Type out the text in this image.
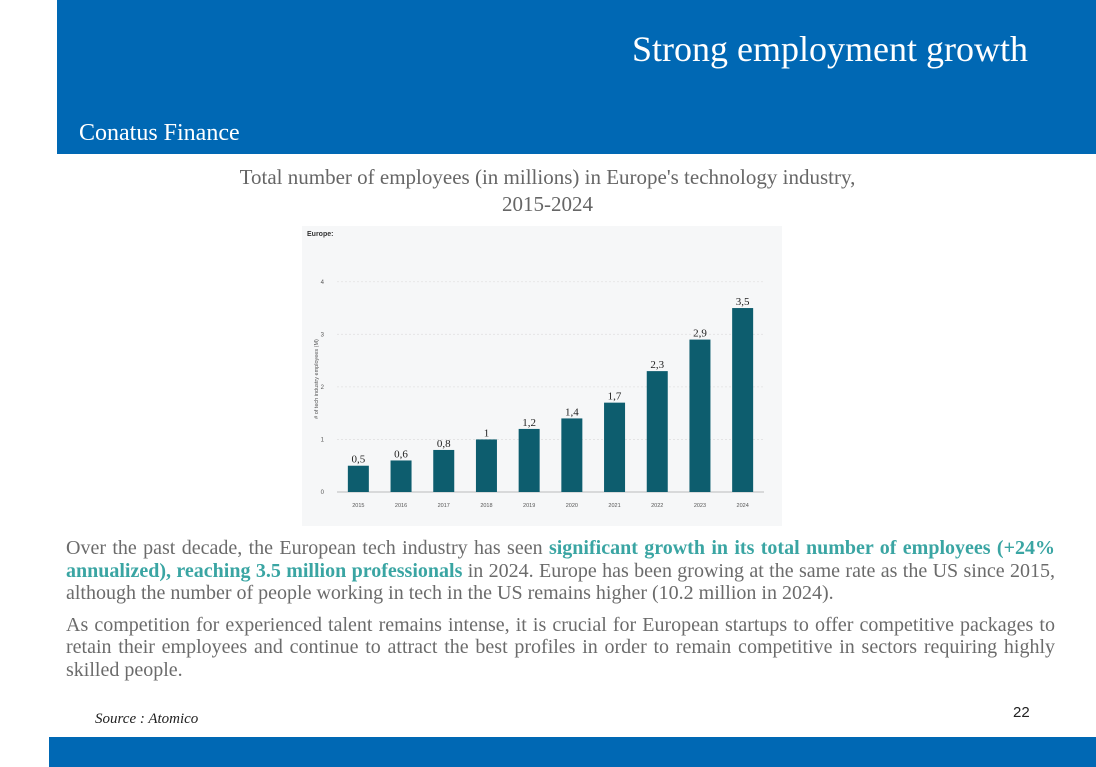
Strong employment growth
Conatus Finance
Total number of employees (in millions) in Europe's technology industry, 2015-2024
Europe:
# of tech industry employees (M)
0
1
2
3
4
0,5
2015
0,6
2016
0,8
2017
1
2018
1,2
2019
1,4
2020
1,7
2021
2,3
2022
2,9
2023
3,5
2024

Over the past decade, the European tech industry has seen significant growth in its total number of employees (+24% annualized), reaching 3.5 million professionals in 2024. Europe has been growing at the same rate as the US since 2015, although the number of people working in tech in the US remains higher (10.2 million in 2024).

As competition for experienced talent remains intense, it is crucial for European startups to offer competitive packages to retain their employees and continue to attract the best profiles in order to remain competitive in sectors requiring highly skilled people.

Source : Atomico	22
